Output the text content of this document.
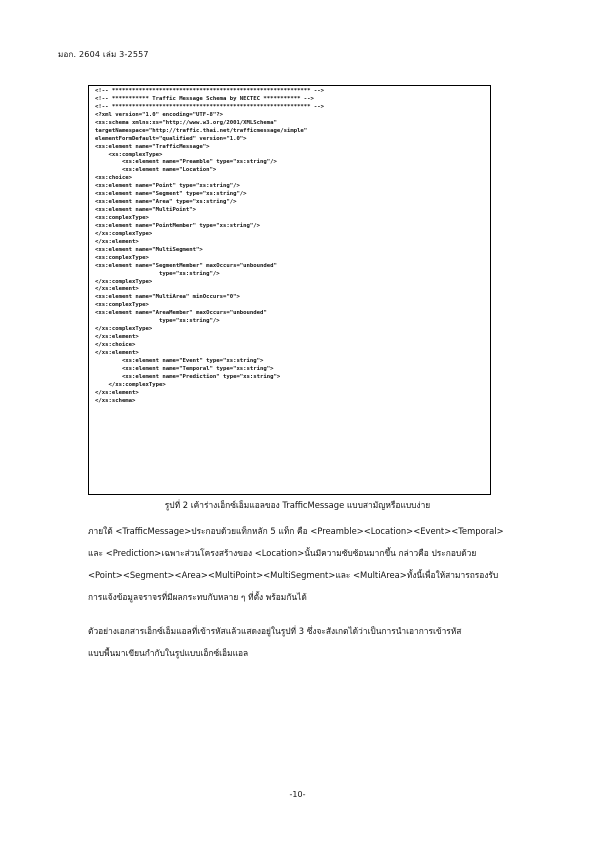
มอก. 2604 เล่ม 3-2557
<!-- *********************************************************** -->
<!-- *********** Traffic Message Schema by NECTEC *********** -->
<!-- *********************************************************** -->
<?xml version="1.0" encoding="UTF-8"?>
<xs:schema xmlns:xs="http://www.w3.org/2001/XMLSchema"
targetNamespace="http://traffic.thai.net/trafficmessage/simple"
elementFormDefault="qualified" version="1.0">
<xs:element name="TrafficMessage">
<xs:complexType>
<xs:element name="Preamble" type="xs:string"/>
<xs:element name="Location">
<xs:choice>
<xs:element name="Point" type="xs:string"/>
<xs:element name="Segment" type="xs:string"/>
<xs:element name="Area" type="xs:string"/>
<xs:element name="MultiPoint">
<xs:complexType>
<xs:element name="PointMember" type="xs:string"/>
</xs:complexType>
</xs:element>
<xs:element name="MultiSegment">
<xs:complexType>
<xs:element name="SegmentMember" maxOccurs="unbounded"
type="xs:string"/>
</xs:complexType>
</xs:element>
<xs:element name="MultiArea" minOccurs="0">
<xs:complexType>
<xs:element name="AreaMember" maxOccurs="unbounded"
type="xs:string"/>
</xs:complexType>
</xs:element>
</xs:choice>
</xs:element>
<xs:element name="Event" type="xs:string">
<xs:element name="Temporal" type="xs:string">
<xs:element name="Prediction" type="xs:string">
</xs:complexType>
</xs:element>
</xs:schema>
รูปที่ 2 เค้าร่างเอ็กซ์เอ็มแอลของ TrafficMessage แบบสามัญหรือแบบง่าย
ภายใต้ <TrafficMessage>ประกอบด้วยแท็กหลัก 5 แท็ก คือ <Preamble><Location><Event><Temporal>
และ <Prediction>เฉพาะส่วนโครงสร้างของ <Location>นั้นมีความซับซ้อนมากขึ้น กล่าวคือ ประกอบด้วย
<Point><Segment><Area><MultiPoint><MultiSegment>และ <MultiArea>ทั้งนี้เพื่อให้สามารถรองรับ
การแจ้งข้อมูลจราจรที่มีผลกระทบกับหลาย ๆ ที่ตั้ง พร้อมกันได้
ตัวอย่างเอกสารเอ็กซ์เอ็มแอลที่เข้ารหัสแล้วแสดงอยู่ในรูปที่ 3 ซึ่งจะสังเกตได้ว่าเป็นการนำเอาการเข้ารหัส
แบบพื้นมาเขียนกำกับในรูปแบบเอ็กซ์เอ็มแอล
-10-
